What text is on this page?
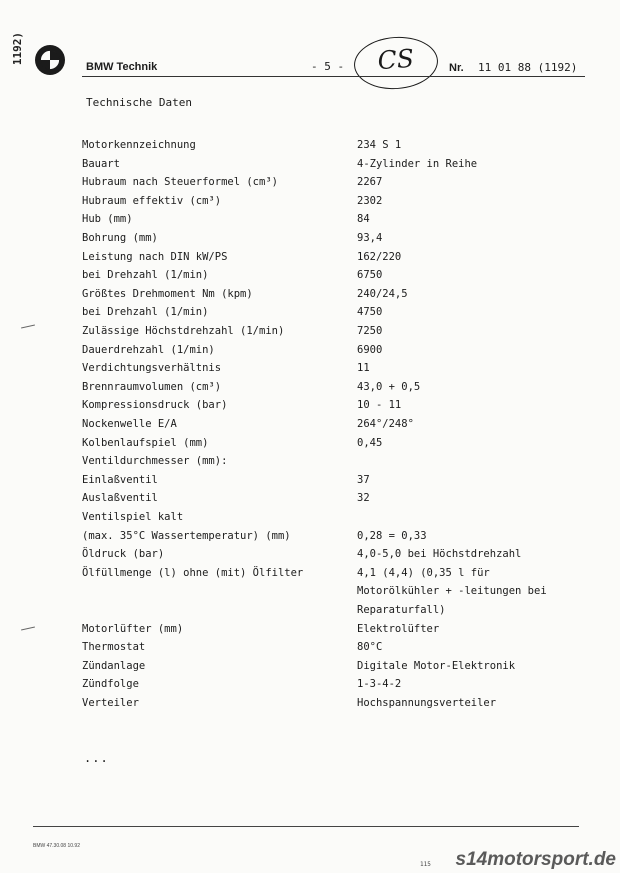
1192)
BMW Technik	- 5 -	CS	Nr. 11 01 88 (1192)
Technische Daten
Motorkennzeichnung	234 S 1
Bauart	4-Zylinder in Reihe
Hubraum nach Steuerformel (cm³)	2267
Hubraum effektiv (cm³)	2302
Hub (mm)	84
Bohrung (mm)	93,4
Leistung nach DIN kW/PS	162/220
bei Drehzahl (1/min)	6750
Größtes Drehmoment Nm (kpm)	240/24,5
bei Drehzahl (1/min)	4750
Zulässige Höchstdrehzahl (1/min)	7250
Dauerdrehzahl (1/min)	6900
Verdichtungsverhältnis	11
Brennraumvolumen (cm³)	43,0 + 0,5
Kompressionsdruck (bar)	10 - 11
Nockenwelle E/A	264°/248°
Kolbenlaufspiel (mm)	0,45
Ventildurchmesser (mm):
Einlaßventil	37
Auslaßventil	32
Ventilspiel kalt
(max. 35°C Wassertemperatur) (mm)	0,28 = 0,33
Öldruck (bar)	4,0-5,0 bei Höchstdrehzahl
Ölfüllmenge (l) ohne (mit) Ölfilter	4,1 (4,4) (0,35 l für
Motorölkühler + -leitungen bei
Reparaturfall)
Motorlüfter (mm)	Elektrolüfter
Thermostat	80°C
Zündanlage	Digitale Motor-Elektronik
Zündfolge	1-3-4-2
Verteiler	Hochspannungsverteiler
...
BMW 47.30.08 10.92
115 s14motorsport.de
